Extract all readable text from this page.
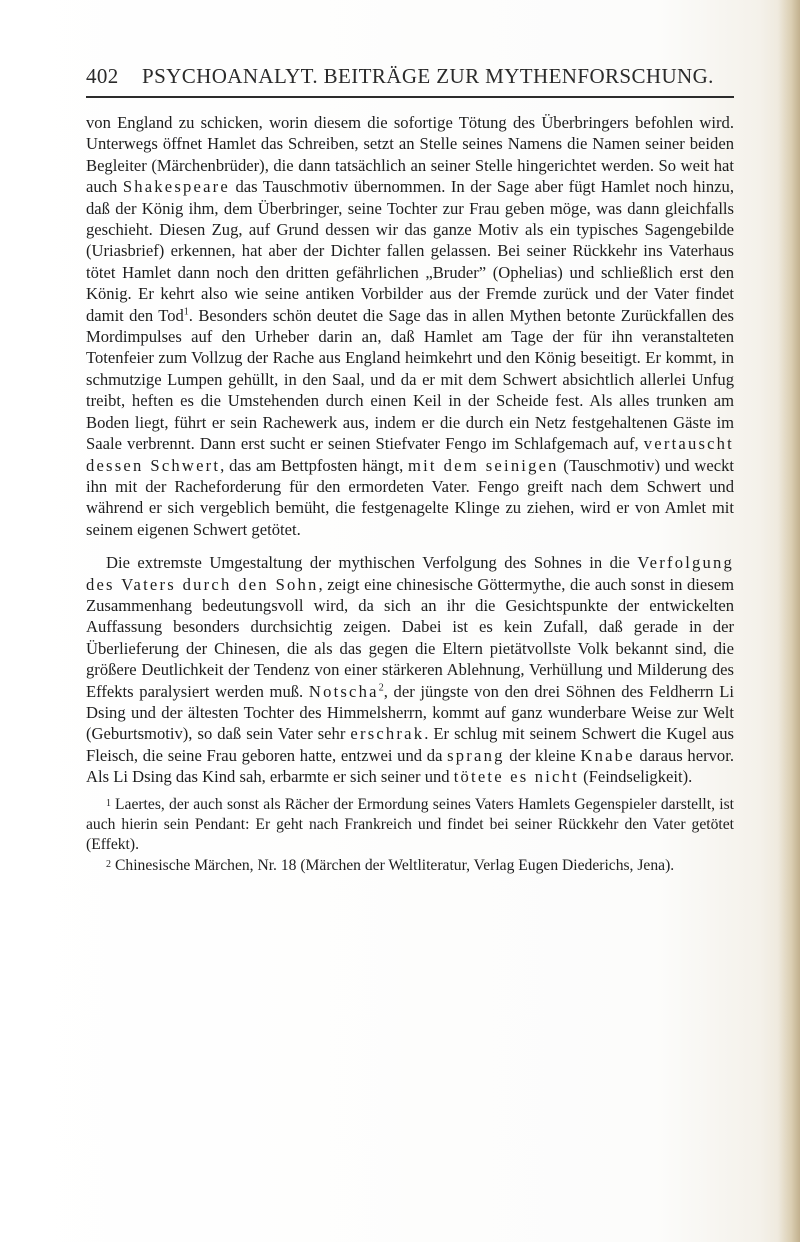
402 PSYCHOANALYT. BEITRÄGE ZUR MYTHENFORSCHUNG.

von England zu schicken, worin diesem die sofortige Tötung des Überbringers befohlen wird. Unterwegs öffnet Hamlet das Schreiben, setzt an Stelle seines Namens die Namen seiner beiden Begleiter (Märchenbrüder), die dann tatsächlich an seiner Stelle hingerichtet werden. So weit hat auch Shakespeare das Tauschmotiv übernommen. In der Sage aber fügt Hamlet noch hinzu, daß der König ihm, dem Überbringer, seine Tochter zur Frau geben möge, was dann gleichfalls geschieht. Diesen Zug, auf Grund dessen wir das ganze Motiv als ein typisches Sagengebilde (Uriasbrief) erkennen, hat aber der Dichter fallen gelassen. Bei seiner Rückkehr ins Vaterhaus tötet Hamlet dann noch den dritten gefährlichen „Bruder” (Ophelias) und schließlich erst den König. Er kehrt also wie seine antiken Vorbilder aus der Fremde zurück und der Vater findet damit den Tod$^1$. Besonders schön deutet die Sage das in allen Mythen betonte Zurückfallen des Mordimpulses auf den Urheber darin an, daß Hamlet am Tage der für ihn veranstalteten Totenfeier zum Vollzug der Rache aus England heimkehrt und den König beseitigt. Er kommt, in schmutzige Lumpen gehüllt, in den Saal, und da er mit dem Schwert absichtlich allerlei Unfug treibt, heften es die Umstehenden durch einen Keil in der Scheide fest. Als alles trunken am Boden liegt, führt er sein Rachewerk aus, indem er die durch ein Netz festgehaltenen Gäste im Saale verbrennt. Dann erst sucht er seinen Stiefvater Fengo im Schlafgemach auf, vertauscht dessen Schwert, das am Bettpfosten hängt, mit dem seinigen (Tauschmotiv) und weckt ihn mit der Racheforderung für den ermordeten Vater. Fengo greift nach dem Schwert und während er sich vergeblich bemüht, die festgenagelte Klinge zu ziehen, wird er von Amlet mit seinem eigenen Schwert getötet.

Die extremste Umgestaltung der mythischen Verfolgung des Sohnes in die Verfolgung des Vaters durch den Sohn, zeigt eine chinesische Göttermythe, die auch sonst in diesem Zusammenhang bedeutungsvoll wird, da sich an ihr die Gesichtspunkte der entwickelten Auffassung besonders durchsichtig zeigen. Dabei ist es kein Zufall, daß gerade in der Überlieferung der Chinesen, die als das gegen die Eltern pietätvollste Volk bekannt sind, die größere Deutlichkeit der Tendenz von einer stärkeren Ablehnung, Verhüllung und Milderung des Effekts paralysiert werden muß. Notscha$^2$, der jüngste von den drei Söhnen des Feldherrn Li Dsing und der ältesten Tochter des Himmelsherrn, kommt auf ganz wunderbare Weise zur Welt (Geburtsmotiv), so daß sein Vater sehr erschrak. Er schlug mit seinem Schwert die Kugel aus Fleisch, die seine Frau geboren hatte, entzwei und da sprang der kleine Knabe daraus hervor. Als Li Dsing das Kind sah, erbarmte er sich seiner und tötete es nicht (Feindseligkeit).

1 Laertes, der auch sonst als Rächer der Ermordung seines Vaters Hamlets Gegenspieler darstellt, ist auch hierin sein Pendant: Er geht nach Frankreich und findet bei seiner Rückkehr den Vater getötet (Effekt).

2 Chinesische Märchen, Nr. 18 (Märchen der Weltliteratur, Verlag Eugen Diederichs, Jena).
